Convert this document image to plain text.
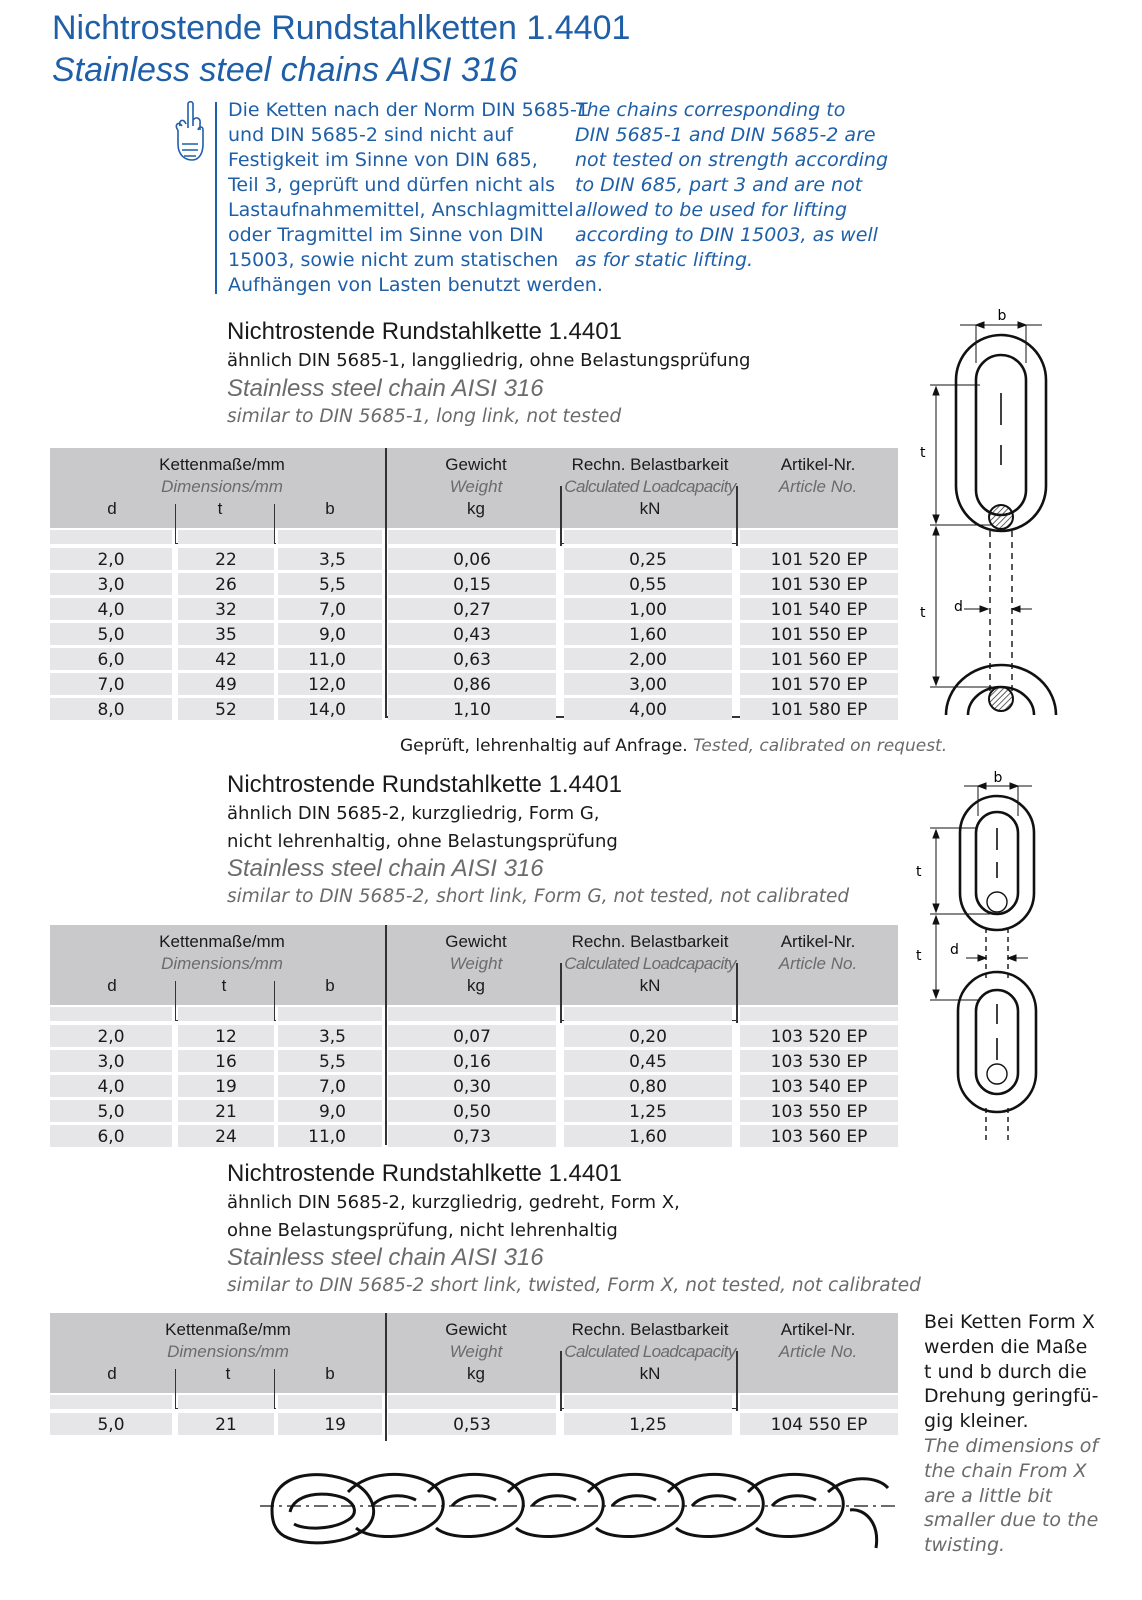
Nichtrostende Rundstahlketten 1.4401
Stainless steel chains AISI 316
Die Ketten nach der Norm DIN 5685-1
und DIN 5685-2 sind nicht auf
Festigkeit im Sinne von DIN 685,
Teil 3, geprüft und dürfen nicht als
Lastaufnahmemittel, Anschlagmittel
oder Tragmittel im Sinne von DIN
15003, sowie nicht zum statischen
Aufhängen von Lasten benutzt werden.
The chains corresponding to
DIN 5685-1 and DIN 5685-2 are
not tested on strength according
to DIN 685, part 3 and are not
allowed to be used for lifting
according to DIN 15003, as well
as for static lifting.
Nichtrostende Rundstahlkette 1.4401
ähnlich DIN 5685-1, langgliedrig, ohne Belastungsprüfung
Stainless steel chain AISI 316
similar to DIN 5685-1, long link, not tested
Kettenmaße/mm
Dimensions/mm
d	t	b
Gewicht
Weight
kg
Rechn. Belastbarkeit
Calculated Loadcapacity
kN
Artikel-Nr.
Article No.
2,0	22	3,5	0,06	0,25	101 520 EP
3,0	26	5,5	0,15	0,55	101 530 EP
4,0	32	7,0	0,27	1,00	101 540 EP
5,0	35	9,0	0,43	1,60	101 550 EP
6,0	42	11,0	0,63	2,00	101 560 EP
7,0	49	12,0	0,86	3,00	101 570 EP
8,0	52	14,0	1,10	4,00	101 580 EP
Geprüft, lehrenhaltig auf Anfrage. Tested, calibrated on request.
Nichtrostende Rundstahlkette 1.4401
ähnlich DIN 5685-2, kurzgliedrig, Form G,
nicht lehrenhaltig, ohne Belastungsprüfung
Stainless steel chain AISI 316
similar to DIN 5685-2, short link, Form G, not tested, not calibrated
Kettenmaße/mm
Dimensions/mm
d	t	b
Gewicht
Weight
kg
Rechn. Belastbarkeit
Calculated Loadcapacity
kN
Artikel-Nr.
Article No.
2,0	12	3,5	0,07	0,20	103 520 EP
3,0	16	5,5	0,16	0,45	103 530 EP
4,0	19	7,0	0,30	0,80	103 540 EP
5,0	21	9,0	0,50	1,25	103 550 EP
6,0	24	11,0	0,73	1,60	103 560 EP
Nichtrostende Rundstahlkette 1.4401
ähnlich DIN 5685-2, kurzgliedrig, gedreht, Form X,
ohne Belastungsprüfung, nicht lehrenhaltig
Stainless steel chain AISI 316
similar to DIN 5685-2 short link, twisted, Form X, not tested, not calibrated
Kettenmaße/mm
Dimensions/mm
d	t	b
Gewicht
Weight
kg
Rechn. Belastbarkeit
Calculated Loadcapacity
kN
Artikel-Nr.
Article No.
5,0	21	19	0,53	1,25	104 550 EP
Bei Ketten Form X
werden die Maße
t und b durch die
Drehung geringfü-
gig kleiner.
The dimensions of
the chain From X
are a little bit
smaller due to the
twisting.
b
t
t d
b
t
t d
